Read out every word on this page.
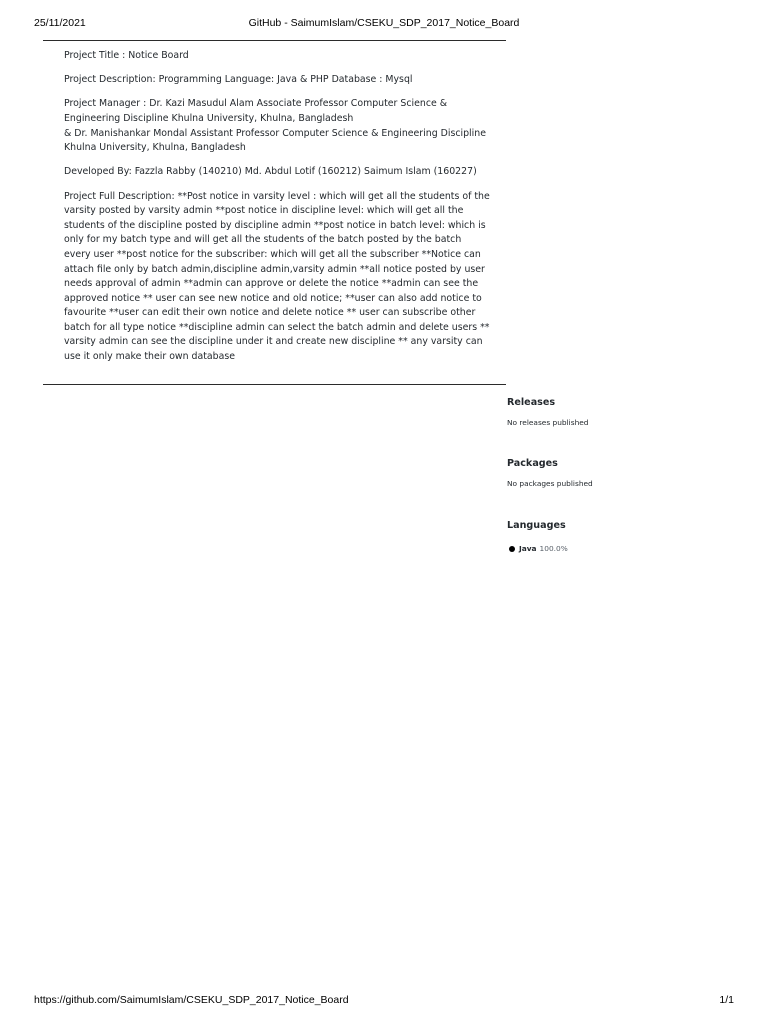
25/11/2021	GitHub - SaimumIslam/CSEKU_SDP_2017_Notice_Board

Project Title : Notice Board

Project Description: Programming Language: Java & PHP Database : Mysql

Project Manager : Dr. Kazi Masudul Alam Associate Professor Computer Science & Engineering Discipline Khulna University, Khulna, Bangladesh

& Dr. Manishankar Mondal Assistant Professor Computer Science & Engineering Discipline Khulna University, Khulna, Bangladesh

Developed By: Fazzla Rabby (140210) Md. Abdul Lotif (160212) Saimum Islam (160227)

Project Full Description: **Post notice in varsity level : which will get all the students of the varsity posted by varsity admin **post notice in discipline level: which will get all the students of the discipline posted by discipline admin **post notice in batch level: which is only for my batch type and will get all the students of the batch posted by the batch every user **post notice for the subscriber: which will get all the subscriber **Notice can attach file only by batch admin,discipline admin,varsity admin **all notice posted by user needs approval of admin **admin can approve or delete the notice **admin can see the approved notice ** user can see new notice and old notice; **user can also add notice to favourite **user can edit their own notice and delete notice ** user can subscribe other batch for all type notice **discipline admin can select the batch admin and delete users ** varsity admin can see the discipline under it and create new discipline ** any varsity can use it only make their own database

Releases
No releases published
Packages
No packages published
Languages
Java 100.0%
https://github.com/SaimumIslam/CSEKU_SDP_2017_Notice_Board	1/1
